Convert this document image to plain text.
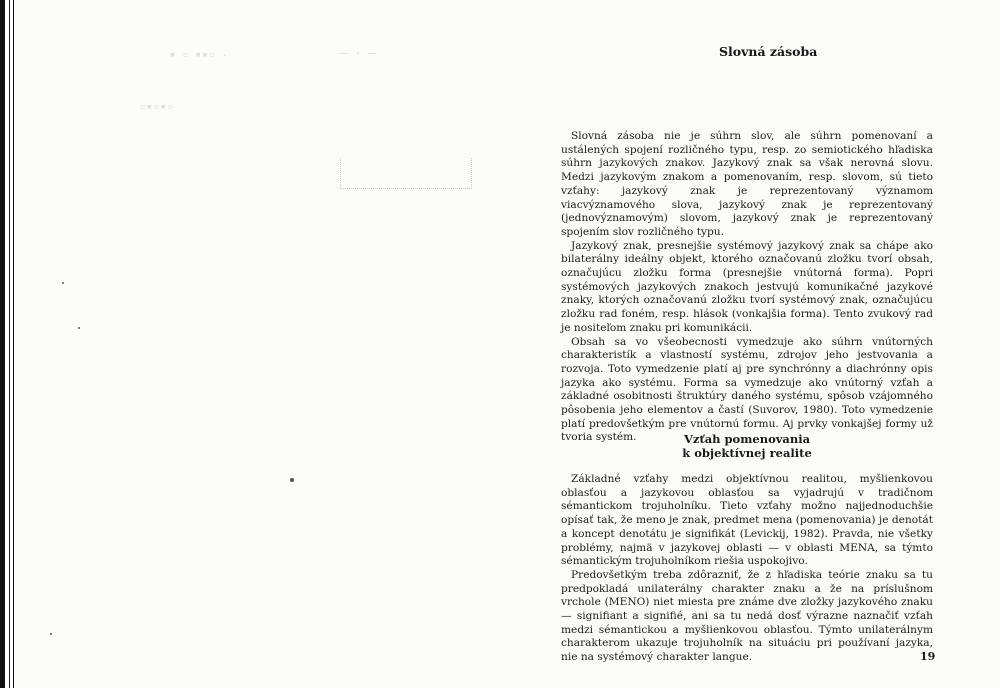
▪ ▫ ▪▪▫ ·	– · –
▫▪▫▪▫
Slovná zásoba

Slovná zásoba nie je súhrn slov, ale súhrn pomenovaní a ustálených spojení rozličného typu, resp. zo semiotického hľadiska súhrn jazykových znakov. Jazykový znak sa však nerovná slovu. Medzi jazykovým znakom a pomenovaním, resp. slovom, sú tieto vzťahy: jazykový znak je reprezentovaný významom viacvýznamového slova, jazykový znak je reprezentovaný (jednovýznamovým) slovom, jazykový znak je reprezentovaný spojením slov rozličného typu.

Jazykový znak, presnejšie systémový jazykový znak sa chápe ako bilaterálny ideálny objekt, ktorého označovanú zložku tvorí obsah, označujúcu zložku forma (presnejšie vnútorná forma). Popri systémových jazykových znakoch jestvujú komunikačné jazykové znaky, ktorých označovanú zložku tvorí systémový znak, označujúcu zložku rad foném, resp. hlások (vonkajšia forma). Tento zvukový rad je nositeľom znaku pri komunikácii.

Obsah sa vo všeobecnosti vymedzuje ako súhrn vnútorných charakteristík a vlastností systému, zdrojov jeho jestvovania a rozvoja. Toto vymedzenie platí aj pre synchrónny a diachrónny opis jazyka ako systému. Forma sa vymedzuje ako vnútorný vzťah a základné osobitnosti štruktúry daného systému, spôsob vzájomného pôsobenia jeho elementov a častí (Suvorov, 1980). Toto vymedzenie platí predovšetkým pre vnútornú formu. Aj prvky vonkajšej formy už tvoria systém.	Vzťah pomenovania
k objektívnej realite

Základné vzťahy medzi objektívnou realitou, myšlienkovou oblasťou a jazykovou oblasťou sa vyjadrujú v tradičnom sémantickom trojuholníku. Tieto vzťahy možno najjednoduchšie opísať tak, že meno je znak, predmet mena (pomenovania) je denotát a koncept denotátu je signifikát (Levickij, 1982). Pravda, nie všetky problémy, najmä v jazykovej oblasti — v oblasti MENA, sa týmto sémantickým trojuholníkom riešia uspokojivo.

Predovšetkým treba zdôrazniť, že z hľadiska teórie znaku sa tu predpokladá unilaterálny charakter znaku a že na príslušnom vrchole (MENO) niet miesta pre známe dve zložky jazykového znaku — signifiant a signifié, ani sa tu nedá dosť výrazne naznačiť vzťah medzi sémantickou a myšlienkovou oblasťou. Týmto unilaterálnym charakterom ukazuje trojuholník na situáciu pri používaní jazyka, nie na systémový charakter langue.	19
